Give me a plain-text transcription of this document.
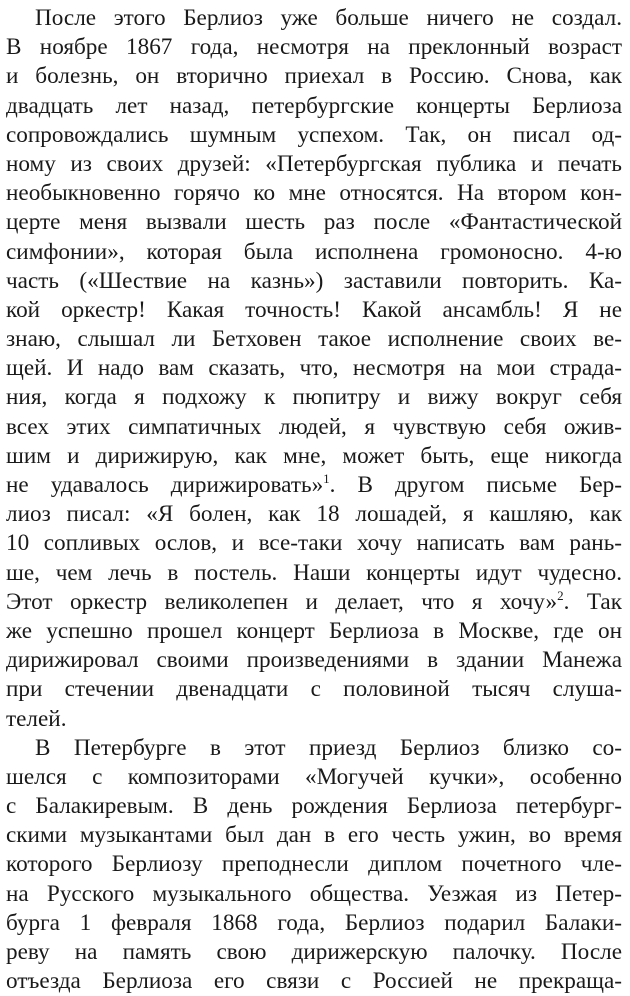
После этого Берлиоз уже больше ничего не создал.
В ноябре 1867 года, несмотря на преклонный возраст
и болезнь, он вторично приехал в Россию. Снова, как
двадцать лет назад, петербургские концерты Берлиоза
сопровождались шумным успехом. Так, он писал од-
ному из своих друзей: «Петербургская публика и печать
необыкновенно горячо ко мне относятся. На втором кон-
церте меня вызвали шесть раз после «Фантастической
симфонии», которая была исполнена громоносно. 4-ю
часть («Шествие на казнь») заставили повторить. Ка-
кой оркестр! Какая точность! Какой ансамбль! Я не
знаю, слышал ли Бетховен такое исполнение своих ве-
щей. И надо вам сказать, что, несмотря на мои страда-
ния, когда я подхожу к пюпитру и вижу вокруг себя
всех этих симпатичных людей, я чувствую себя ожив-
шим и дирижирую, как мне, может быть, еще никогда
не удавалось дирижировать»$^1$. В другом письме Бер-
лиоз писал: «Я болен, как 18 лошадей, я кашляю, как
10 сопливых ослов, и все-таки хочу написать вам рань-
ше, чем лечь в постель. Наши концерты идут чудесно.
Этот оркестр великолепен и делает, что я хочу»$^2$. Так
же успешно прошел концерт Берлиоза в Москве, где он
дирижировал своими произведениями в здании Манежа
при стечении двенадцати с половиной тысяч слуша-
телей.
В Петербурге в этот приезд Берлиоз близко со-
шелся с композиторами «Могучей кучки», особенно
с Балакиревым. В день рождения Берлиоза петербург-
скими музыкантами был дан в его честь ужин, во время
которого Берлиозу преподнесли диплом почетного чле-
на Русского музыкального общества. Уезжая из Петер-
бурга 1 февраля 1868 года, Берлиоз подарил Балаки-
реву на память свою дирижерскую палочку. После
отъезда Берлиоза его связи с Россией не прекраща-
